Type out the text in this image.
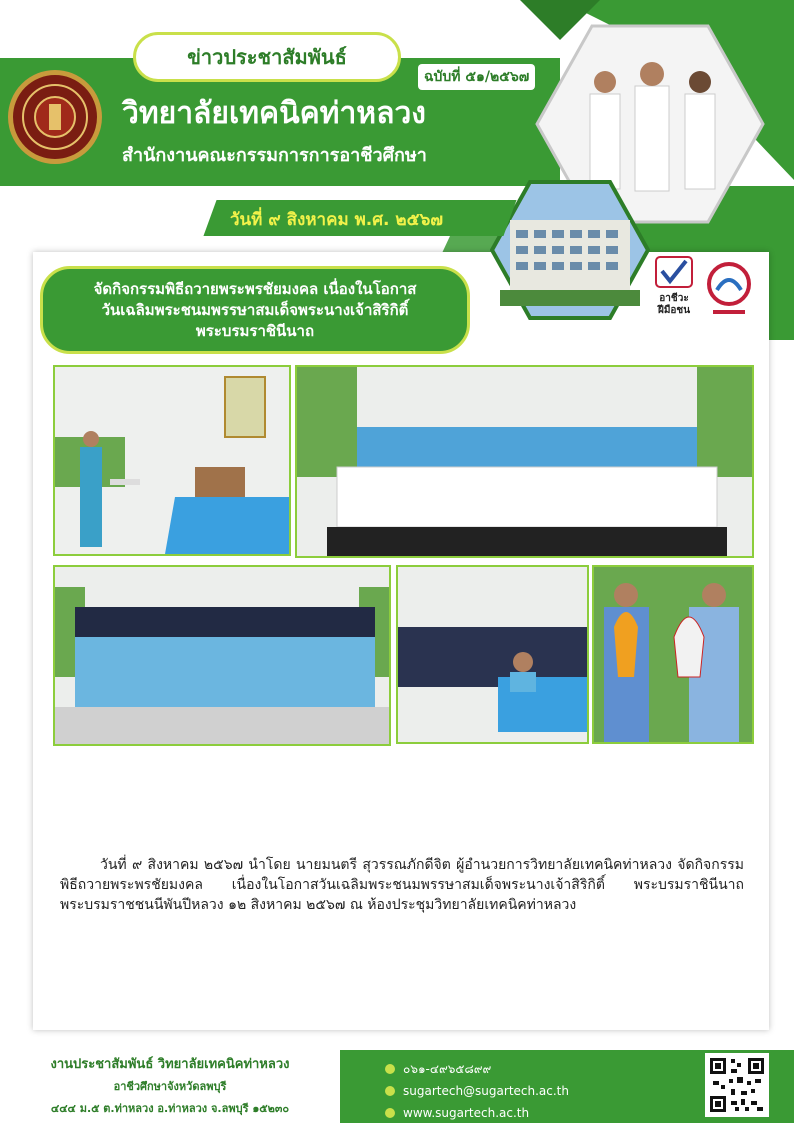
ข่าวประชาสัมพันธ์
ฉบับที่ ๕๑/๒๕๖๗
วิทยาลัยเทคนิคท่าหลวง
สำนักงานคณะกรรมการการอาชีวศึกษา
วันที่ ๙ สิงหาคม พ.ศ. ๒๕๖๗
อาชีวะ
ฝีมือชน
จัดกิจกรรมพิธีถวายพระพรชัยมงคล เนื่องในโอกาส
วันเฉลิมพระชนมพรรษาสมเด็จพระนางเจ้าสิริกิติ์
พระบรมราชินีนาถ
วันที่ ๙ สิงหาคม ๒๕๖๗ นำโดย นายมนตรี สุวรรณภักดีจิต ผู้อำนวยการวิทยาลัยเทคนิคท่าหลวง จัดกิจกรรมพิธีถวายพระพรชัยมงคล เนื่องในโอกาสวันเฉลิมพระชนมพรรษาสมเด็จพระนางเจ้าสิริกิติ์ พระบรมราชินีนาถ พระบรมราชชนนีพันปีหลวง ๑๒ สิงหาคม ๒๕๖๗ ณ ห้องประชุมวิทยาลัยเทคนิคท่าหลวง
งานประชาสัมพันธ์ วิทยาลัยเทคนิคท่าหลวง
อาชีวศึกษาจังหวัดลพบุรี
๔๔๔ ม.๕ ต.ท่าหลวง อ.ท่าหลวง จ.ลพบุรี ๑๕๒๓๐
๐๖๑-๔๙๖๕๘๙๙
sugartech@sugartech.ac.th
www.sugartech.ac.th
